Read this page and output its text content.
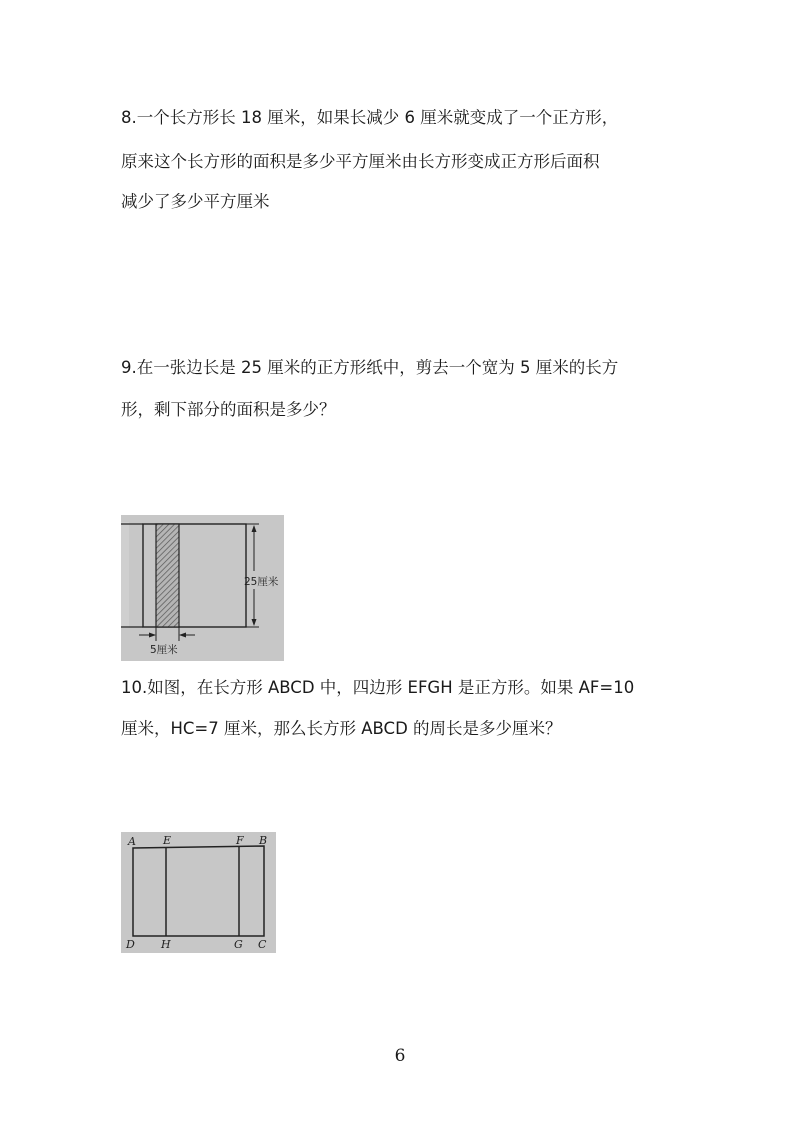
8.一个长方形长 18 厘米，如果长减少 6 厘米就变成了一个正方形，

原来这个长方形的面积是多少平方厘米由长方形变成正方形后面积

减少了多少平方厘米

9.在一张边长是 25 厘米的正方形纸中，剪去一个宽为 5 厘米的长方

形，剩下部分的面积是多少？

25厘米
5厘米

10.如图，在长方形 ABCD 中，四边形 EFGH 是正方形。如果 AF=10

厘米，HC=7 厘米，那么长方形 ABCD 的周长是多少厘米？

A E	F B
D H	G C
6
